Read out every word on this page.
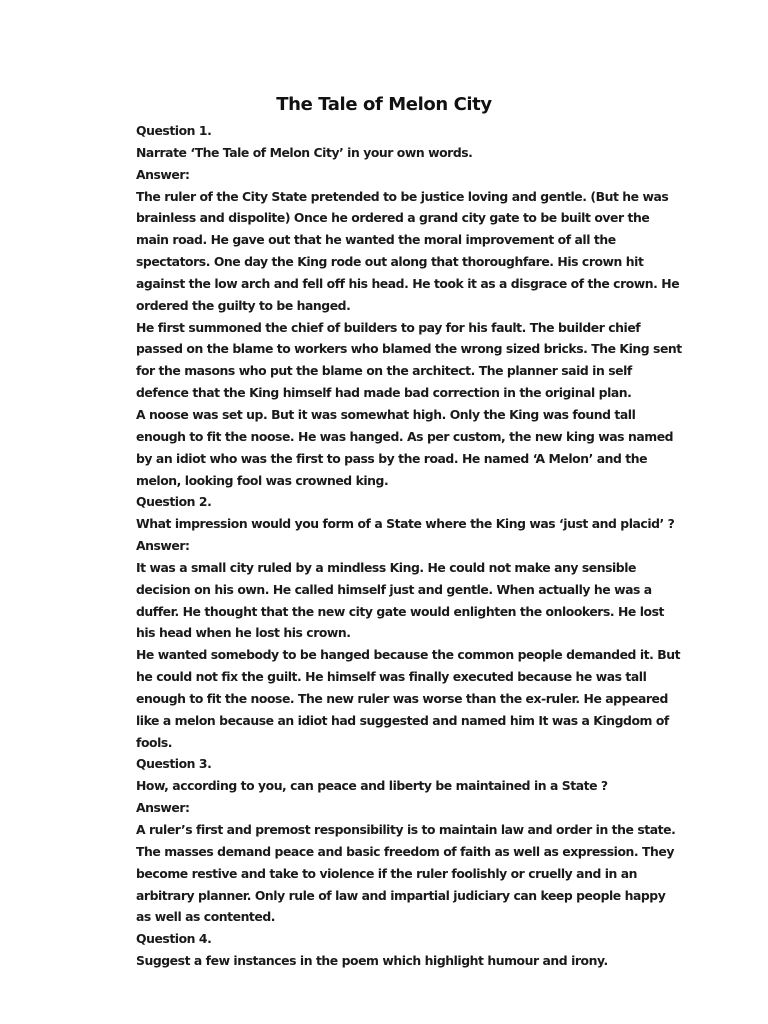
The Tale of Melon City

Question 1.

Narrate ‘The Tale of Melon City’ in your own words.

Answer:

The ruler of the City State pretended to be justice loving and gentle. (But he was brainless and dispolite) Once he ordered a grand city gate to be built over the main road. He gave out that he wanted the moral improvement of all the spectators. One day the King rode out along that thoroughfare. His crown hit against the low arch and fell off his head. He took it as a disgrace of the crown. He ordered the guilty to be hanged.

He first summoned the chief of builders to pay for his fault. The builder chief passed on the blame to workers who blamed the wrong sized bricks. The King sent for the masons who put the blame on the architect. The planner said in self defence that the King himself had made bad correction in the original plan.

A noose was set up. But it was somewhat high. Only the King was found tall enough to fit the noose. He was hanged. As per custom, the new king was named by an idiot who was the first to pass by the road. He named ‘A Melon’ and the melon, looking fool was crowned king.

Question 2.

What impression would you form of a State where the King was ‘just and placid’ ?

Answer:

It was a small city ruled by a mindless King. He could not make any sensible decision on his own. He called himself just and gentle. When actually he was a duffer. He thought that the new city gate would enlighten the onlookers. He lost his head when he lost his crown.

He wanted somebody to be hanged because the common people demanded it. But he could not fix the guilt. He himself was finally executed because he was tall enough to fit the noose. The new ruler was worse than the ex-ruler. He appeared like a melon because an idiot had suggested and named him It was a Kingdom of fools.

Question 3.

How, according to you, can peace and liberty be maintained in a State ?

Answer:

A ruler’s first and premost responsibility is to maintain law and order in the state. The masses demand peace and basic freedom of faith as well as expression. They become restive and take to violence if the ruler foolishly or cruelly and in an arbitrary planner. Only rule of law and impartial judiciary can keep people happy as well as contented.

Question 4.

Suggest a few instances in the poem which highlight humour and irony.
